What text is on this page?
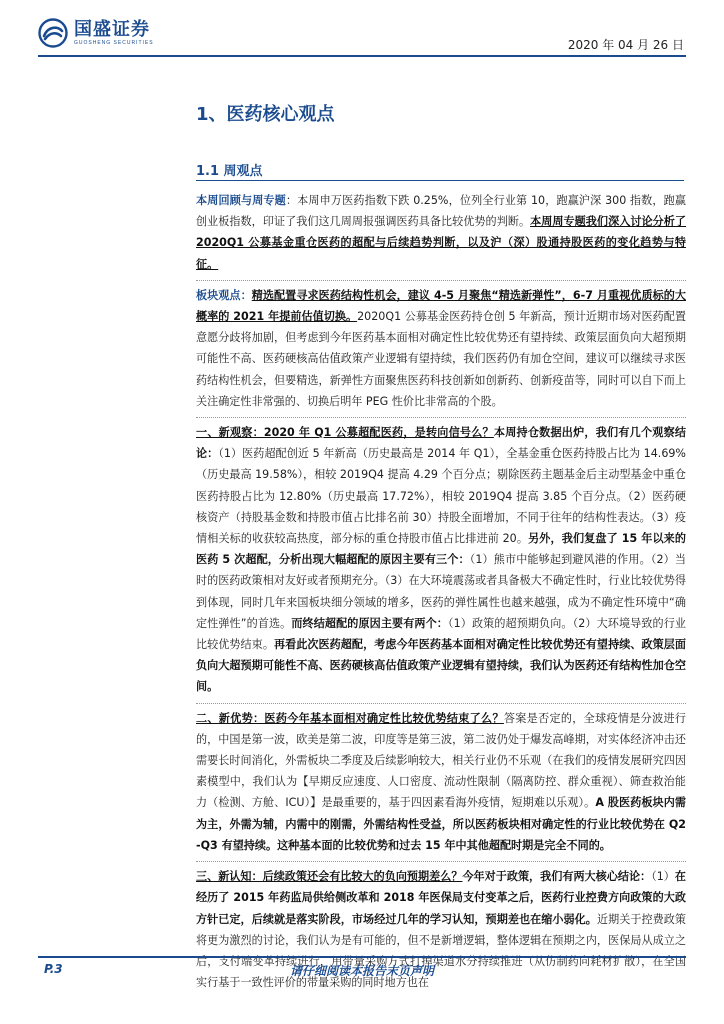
国盛证券
GUOSHENG SECURITIES	2020 年 04 月 26 日
1、医药核心观点
1.1 周观点

本周回顾与周专题：本周申万医药指数下跌 0.25%，位列全行业第 10，跑赢沪深 300 指数，跑赢创业板指数，印证了我们这几周周报强调医药具备比较优势的判断。本周周专题我们深入讨论分析了 2020Q1 公募基金重仓医药的超配与后续趋势判断，以及沪（深）股通持股医药的变化趋势与特征。

板块观点：精选配置寻求医药结构性机会，建议 4-5 月聚焦“精选新弹性”，6-7 月重视优质标的大概率的 2021 年提前估值切换。2020Q1 公募基金医药持仓创 5 年新高，预计近期市场对医药配置意愿分歧将加剧，但考虑到今年医药基本面相对确定性比较优势还有望持续、政策层面负向大超预期可能性不高、医药硬核高估值政策产业逻辑有望持续，我们医药仍有加仓空间，建议可以继续寻求医药结构性机会，但要精选，新弹性方面聚焦医药科技创新如创新药、创新疫苗等，同时可以自下而上关注确定性非常强的、切换后明年 PEG 性价比非常高的个股。

一、新观察：2020 年 Q1 公募超配医药，是转向信号么？本周持仓数据出炉，我们有几个观察结论：（1）医药超配创近 5 年新高（历史最高是 2014 年 Q1），全基金重仓医药持股占比为 14.69%（历史最高 19.58%），相较 2019Q4 提高 4.29 个百分点；剔除医药主题基金后主动型基金中重仓医药持股占比为 12.80%（历史最高 17.72%），相较 2019Q4 提高 3.85 个百分点。（2）医药硬核资产（持股基金数和持股市值占比排名前 30）持股全面增加，不同于往年的结构性表达。（3）疫情相关标的收获较高热度，部分标的重仓持股市值占比排进前 20。另外，我们复盘了 15 年以来的医药 5 次超配，分析出现大幅超配的原因主要有三个：（1）熊市中能够起到避风港的作用。（2）当时的医药政策相对友好或者预期充分。（3）在大环境震荡或者具备极大不确定性时，行业比较优势得到体现，同时几年来国板块细分领域的增多，医药的弹性属性也越来越强，成为不确定性环境中“确定性弹性”的首选。而终结超配的原因主要有两个：（1）政策的超预期负向。（2）大环境导致的行业比较优势结束。再看此次医药超配，考虑今年医药基本面相对确定性比较优势还有望持续、政策层面负向大超预期可能性不高、医药硬核高估值政策产业逻辑有望持续，我们认为医药还有结构性加仓空间。

二、新优势：医药今年基本面相对确定性比较优势结束了么？答案是否定的，全球疫情是分波进行的，中国是第一波，欧美是第二波，印度等是第三波，第二波仍处于爆发高峰期，对实体经济冲击还需要长时间消化，外需板块二季度及后续影响较大，相关行业仍不乐观（在我们的疫情发展研究四因素模型中，我们认为【早期反应速度、人口密度、流动性限制（隔离防控、群众重视）、筛查救治能力（检测、方舱、ICU）】是最重要的，基于四因素看海外疫情，短期难以乐观）。A 股医药板块内需为主，外需为辅，内需中的刚需，外需结构性受益，所以医药板块相对确定性的行业比较优势在 Q2-Q3 有望持续。这种基本面的比较优势和过去 15 年中其他超配时期是完全不同的。

三、新认知：后续政策还会有比较大的负向预期差么？今年对于政策，我们有两大核心结论：（1）在经历了 2015 年药监局供给侧改革和 2018 年医保局支付变革之后，医药行业控费方向政策的大政方针已定，后续就是落实阶段，市场经过几年的学习认知，预期差也在缩小弱化。近期关于控费政策将更为激烈的讨论，我们认为是有可能的，但不是新增逻辑，整体逻辑在预期之内，医保局从成立之后，支付端变革持续进行，用带量采购方式打掉渠道水分持续推进（从仿制药向耗材扩散），在全国实行基于一致性评价的带量采购的同时地方也在

P.3	请仔细阅读本报告末页声明
